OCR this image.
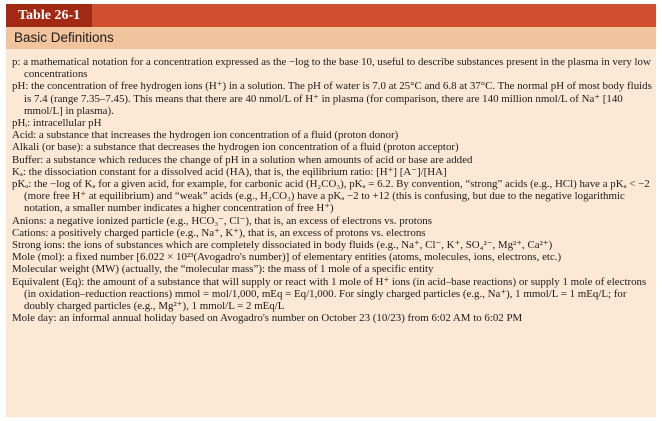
Table 26-1
Basic Definitions

p: a mathematical notation for a concentration expressed as the −log to the base 10, useful to describe substances present in the plasma in very low concentrations

pH: the concentration of free hydrogen ions (H⁺) in a solution. The pH of water is 7.0 at 25°C and 6.8 at 37°C. The normal pH of most body fluids is 7.4 (range 7.35–7.45). This means that there are 40 nmol/L of H⁺ in plasma (for comparison, there are 140 million nmol/L of Na⁺ [140 mmol/L] in plasma).

pHᵢ: intracellular pH

Acid: a substance that increases the hydrogen ion concentration of a fluid (proton donor)

Alkali (or base): a substance that decreases the hydrogen ion concentration of a fluid (proton acceptor)

Buffer: a substance which reduces the change of pH in a solution when amounts of acid or base are added

Kₐ: the dissociation constant for a dissolved acid (HA), that is, the eqilibrium ratio: [H⁺] [A⁻]/[HA]

pKₐ: the −log of Kₐ for a given acid, for example, for carbonic acid (H₂CO₃), pKₐ = 6.2. By convention, “strong” acids (e.g., HCl) have a pKₐ < −2 (more free H⁺ at equilibrium) and “weak” acids (e.g., H₂CO₃) have a pKₐ −2 to +12 (this is confusing, but due to the negative logarithmic notation, a smaller number indicates a higher concentration of free H⁺)

Anions: a negative ionized particle (e.g., HCO₃⁻, Cl⁻), that is, an excess of electrons vs. protons

Cations: a positively charged particle (e.g., Na⁺, K⁺), that is, an excess of protons vs. electrons

Strong ions: the ions of substances which are completely dissociated in body fluids (e.g., Na⁺, Cl⁻, K⁺, SO₄²⁻, Mg²⁺, Ca²⁺)

Mole (mol): a fixed number [6.022 × 10²³(Avogadro's number)] of elementary entities (atoms, molecules, ions, electrons, etc.)

Molecular weight (MW) (actually, the “molecular mass”): the mass of 1 mole of a specific entity

Equivalent (Eq): the amount of a substance that will supply or react with 1 mole of H⁺ ions (in acid–base reactions) or supply 1 mole of electrons (in oxidation–reduction reactions) mmol = mol/1,000, mEq = Eq/1,000. For singly charged particles (e.g., Na⁺), 1 mmol/L = 1 mEq/L; for doubly charged particles (e.g., Mg²⁺), 1 mmol/L = 2 mEq/L

Mole day: an informal annual holiday based on Avogadro's number on October 23 (10/23) from 6:02 AM to 6:02 PM
